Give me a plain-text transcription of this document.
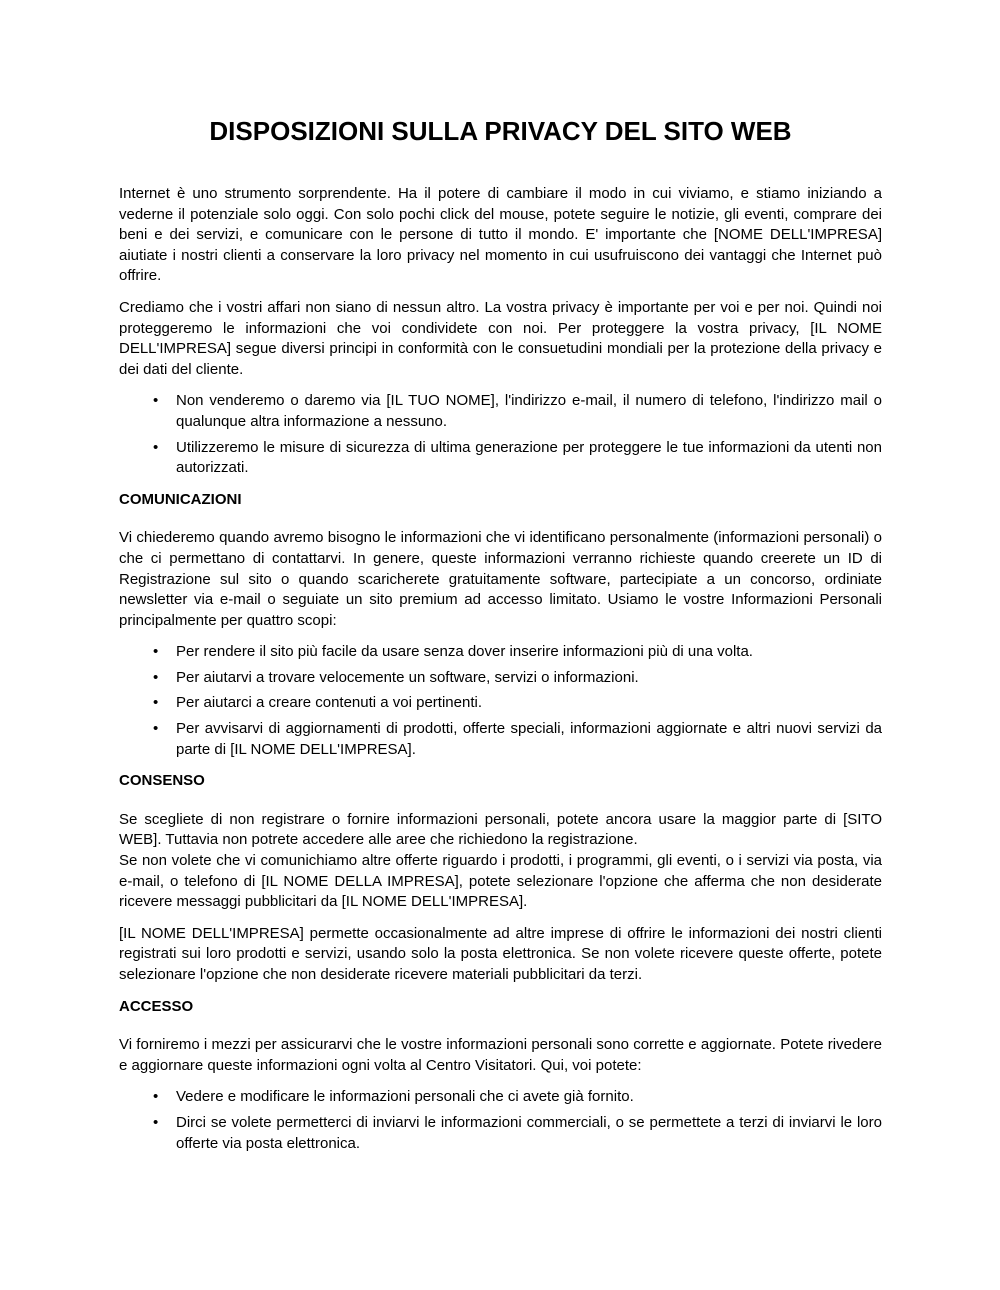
DISPOSIZIONI SULLA PRIVACY DEL SITO WEB

Internet è uno strumento sorprendente. Ha il potere di cambiare il modo in cui viviamo, e stiamo iniziando a vederne il potenziale solo oggi. Con solo pochi click del mouse, potete seguire le notizie, gli eventi, comprare dei beni e dei servizi, e comunicare con le persone di tutto il mondo. E' importante che [NOME DELL'IMPRESA] aiutiate i nostri clienti a conservare la loro privacy nel momento in cui usufruiscono dei vantaggi che Internet può offrire.

Crediamo che i vostri affari non siano di nessun altro. La vostra privacy è importante per voi e per noi. Quindi noi proteggeremo le informazioni che voi condividete con noi. Per proteggere la vostra privacy, [IL NOME DELL'IMPRESA] segue diversi principi in conformità con le consuetudini mondiali per la protezione della privacy e dei dati del cliente.

• Non venderemo o daremo via [IL TUO NOME], l'indirizzo e-mail, il numero di telefono, l'indirizzo mail o qualunque altra informazione a nessuno.
• Utilizzeremo le misure di sicurezza di ultima generazione per proteggere le tue informazioni da utenti non autorizzati.
COMUNICAZIONI

Vi chiederemo quando avremo bisogno le informazioni che vi identificano personalmente (informazioni personali) o che ci permettano di contattarvi. In genere, queste informazioni verranno richieste quando creerete un ID di Registrazione sul sito o quando scaricherete gratuitamente software, partecipiate a un concorso, ordiniate newsletter via e-mail o seguiate un sito premium ad accesso limitato. Usiamo le vostre Informazioni Personali principalmente per quattro scopi:

• Per rendere il sito più facile da usare senza dover inserire informazioni più di una volta.
• Per aiutarvi a trovare velocemente un software, servizi o informazioni.
• Per aiutarci a creare contenuti a voi pertinenti.
• Per avvisarvi di aggiornamenti di prodotti, offerte speciali, informazioni aggiornate e altri nuovi servizi da parte di [IL NOME DELL'IMPRESA].
CONSENSO

Se scegliete di non registrare o fornire informazioni personali, potete ancora usare la maggior parte di [SITO WEB]. Tuttavia non potrete accedere alle aree che richiedono la registrazione.

Se non volete che vi comunichiamo altre offerte riguardo i prodotti, i programmi, gli eventi, o i servizi via posta, via e-mail, o telefono di [IL NOME DELLA IMPRESA], potete selezionare l'opzione che afferma che non desiderate ricevere messaggi pubblicitari da [IL NOME DELL'IMPRESA].

[IL NOME DELL'IMPRESA] permette occasionalmente ad altre imprese di offrire le informazioni dei nostri clienti registrati sui loro prodotti e servizi, usando solo la posta elettronica. Se non volete ricevere queste offerte, potete selezionare l'opzione che non desiderate ricevere materiali pubblicitari da terzi.

ACCESSO

Vi forniremo i mezzi per assicurarvi che le vostre informazioni personali sono corrette e aggiornate. Potete rivedere e aggiornare queste informazioni ogni volta al Centro Visitatori. Qui, voi potete:

• Vedere e modificare le informazioni personali che ci avete già fornito.
• Dirci se volete permetterci di inviarvi le informazioni commerciali, o se permettete a terzi di inviarvi le loro offerte via posta elettronica.
